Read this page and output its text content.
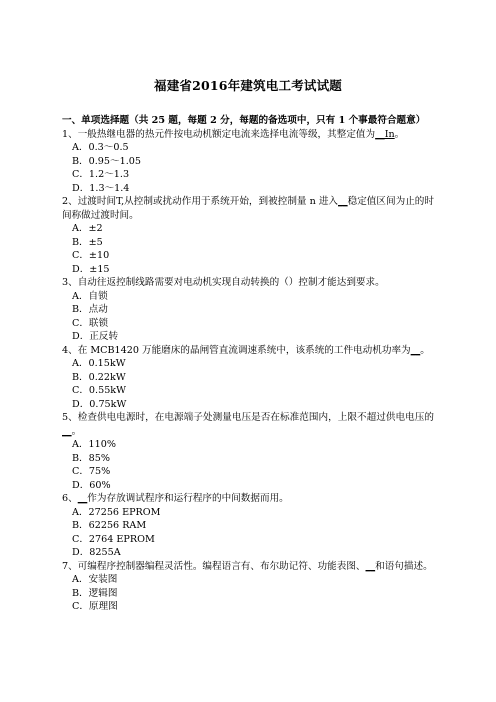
福建省2016年建筑电工考试试题
一、单项选择题（共 25 题，每题 2 分，每题的备选项中，只有 1 个事最符合题意）

1、一般热继电器的热元件按电动机额定电流来选择电流等级，其整定值为__In。

A．0.3～0.5

B．0.95～1.05

C．1.2～1.3

D．1.3～1.4

2、过渡时间T,从控制或扰动作用于系统开始，到被控制量 n 进入__稳定值区间为止的时间称做过渡时间。

A．±2

B．±5

C．±10

D．±15

3、自动往返控制线路需要对电动机实现自动转换的（）控制才能达到要求。

A．自锁

B．点动

C．联锁

D．正反转

4、在 MCB1420 万能磨床的晶闸管直流调速系统中，该系统的工件电动机功率为__。

A．0.15kW

B．0.22kW

C．0.55kW

D．0.75kW

5、检查供电电源时，在电源端子处测量电压是否在标准范围内，上限不超过供电电压的__。

A．110%

B．85%

C．75%

D．60%

6、__作为存放调试程序和运行程序的中间数据而用。

A．27256 EPROM

B．62256 RAM

C．2764 EPROM

D．8255A

7、可编程序控制器编程灵活性。编程语言有、布尔助记符、功能表图、__和语句描述。

A．安装图

B．逻辑图

C．原理图
